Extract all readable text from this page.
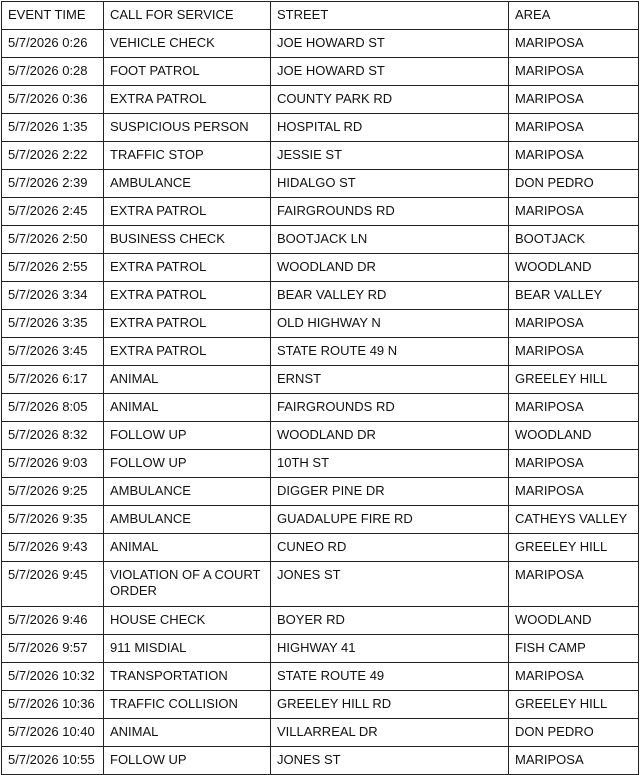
EVENT TIME	CALL FOR SERVICE	STREET	AREA
5/7/2026 0:26	VEHICLE CHECK	JOE HOWARD ST	MARIPOSA
5/7/2026 0:28	FOOT PATROL	JOE HOWARD ST	MARIPOSA
5/7/2026 0:36	EXTRA PATROL	COUNTY PARK RD	MARIPOSA
5/7/2026 1:35	SUSPICIOUS PERSON	HOSPITAL RD	MARIPOSA
5/7/2026 2:22	TRAFFIC STOP	JESSIE ST	MARIPOSA
5/7/2026 2:39	AMBULANCE	HIDALGO ST	DON PEDRO
5/7/2026 2:45	EXTRA PATROL	FAIRGROUNDS RD	MARIPOSA
5/7/2026 2:50	BUSINESS CHECK	BOOTJACK LN	BOOTJACK
5/7/2026 2:55	EXTRA PATROL	WOODLAND DR	WOODLAND
5/7/2026 3:34	EXTRA PATROL	BEAR VALLEY RD	BEAR VALLEY
5/7/2026 3:35	EXTRA PATROL	OLD HIGHWAY N	MARIPOSA
5/7/2026 3:45	EXTRA PATROL	STATE ROUTE 49 N	MARIPOSA
5/7/2026 6:17	ANIMAL	ERNST	GREELEY HILL
5/7/2026 8:05	ANIMAL	FAIRGROUNDS RD	MARIPOSA
5/7/2026 8:32	FOLLOW UP	WOODLAND DR	WOODLAND
5/7/2026 9:03	FOLLOW UP	10TH ST	MARIPOSA
5/7/2026 9:25	AMBULANCE	DIGGER PINE DR	MARIPOSA
5/7/2026 9:35	AMBULANCE	GUADALUPE FIRE RD	CATHEYS VALLEY
5/7/2026 9:43	ANIMAL	CUNEO RD	GREELEY HILL
5/7/2026 9:45	VIOLATION OF A COURT ORDER	JONES ST	MARIPOSA
5/7/2026 9:46	HOUSE CHECK	BOYER RD	WOODLAND
5/7/2026 9:57	911 MISDIAL	HIGHWAY 41	FISH CAMP
5/7/2026 10:32	TRANSPORTATION	STATE ROUTE 49	MARIPOSA
5/7/2026 10:36	TRAFFIC COLLISION	GREELEY HILL RD	GREELEY HILL
5/7/2026 10:40	ANIMAL	VILLARREAL DR	DON PEDRO
5/7/2026 10:55	FOLLOW UP	JONES ST	MARIPOSA
